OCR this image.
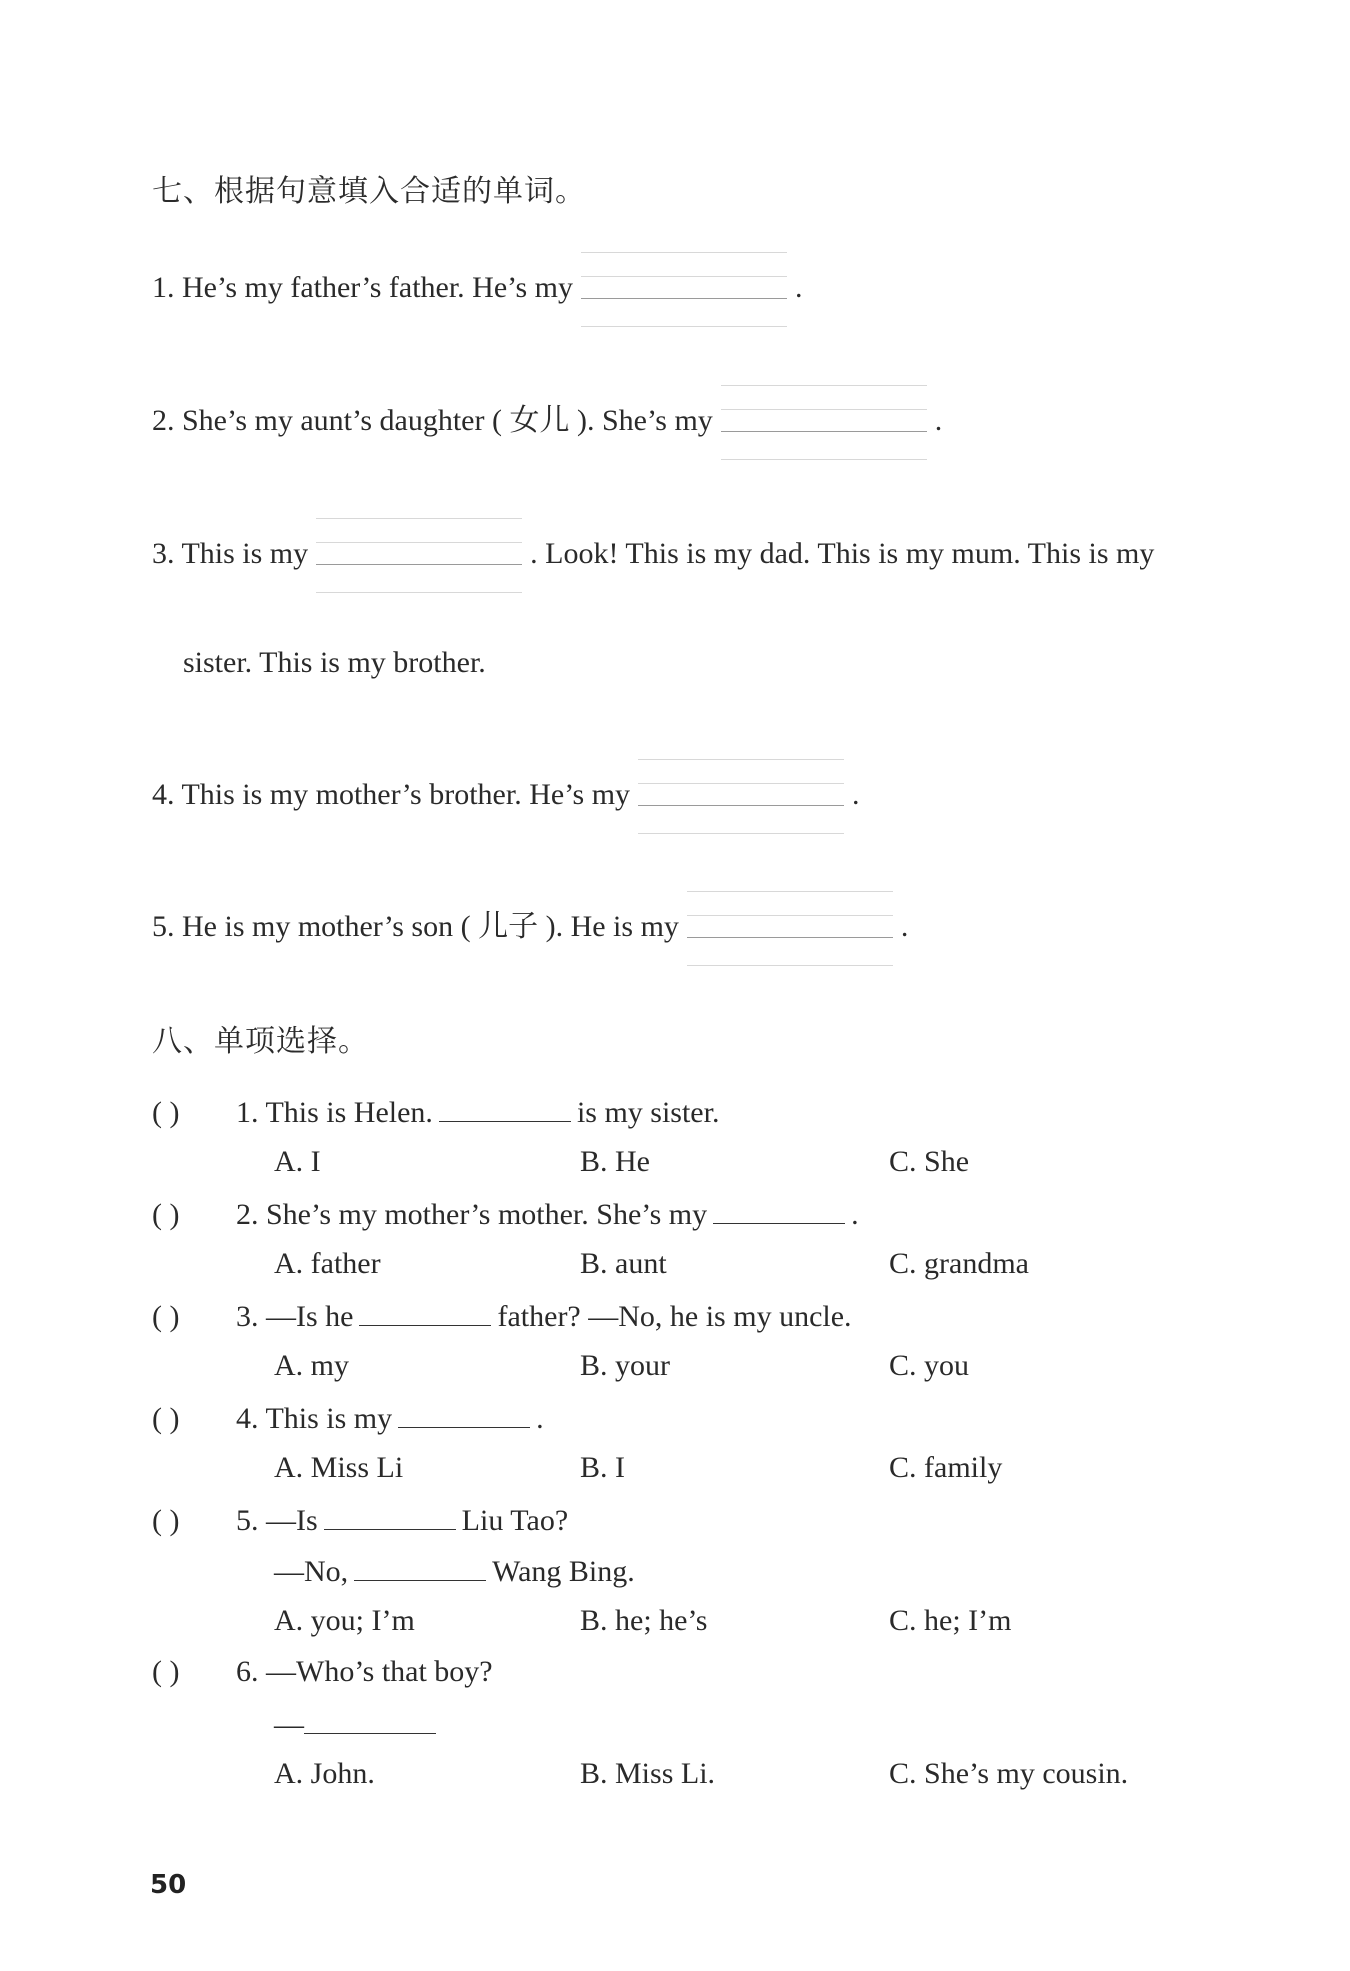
七、根据句意填入合适的单词。
1. He’s my father’s father. He’s my	.
2. She’s my aunt’s daughter ( 女儿 ). She’s my	.
3. This is my	. Look! This is my dad. This is my mum. This is my
sister. This is my brother.
4. This is my mother’s brother. He’s my	.
5. He is my mother’s son ( 儿子 ). He is my	.
八、单项选择。
( ) 1. This is Helen.	is my sister.
A. I	B. He	C. She
( ) 2. She’s my mother’s mother. She’s my	.
A. father	B. aunt	C. grandma
( ) 3. —Is he	father? —No, he is my uncle.
A. my	B. your	C. you
( ) 4. This is my	.
A. Miss Li	B. I	C. family
( ) 5. —Is	Liu Tao?
—No,	Wang Bing.
A. you; I’m	B. he; he’s	C. he; I’m
( ) 6. —Who’s that boy?
—
A. John.	B. Miss Li.	C. She’s my cousin.
50
